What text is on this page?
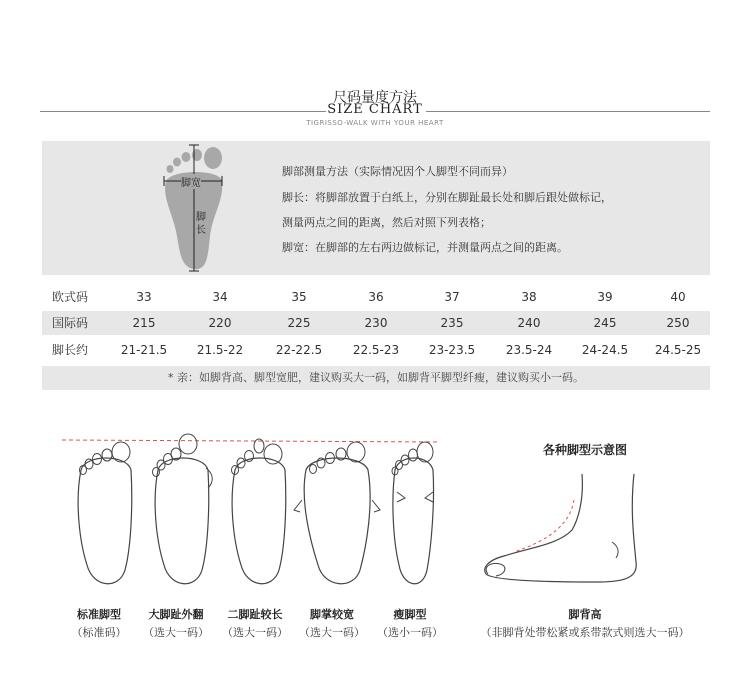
尺码量度方法
SIZE CHART
TIGRISSO-WALK WITH YOUR HEART
脚宽
脚
长
脚部测量方法（实际情况因个人脚型不同而异）
脚长：将脚部放置于白纸上，分别在脚趾最长处和脚后跟处做标记，
测量两点之间的距离，然后对照下列表格；
脚宽：在脚部的左右两边做标记，并测量两点之间的距离。
欧式码	33	34	35	36	37	38	39	40
国际码	215	220	225	230	235	240	245	250
脚长约	21-21.5	21.5-22	22-22.5	22.5-23	23-23.5	23.5-24	24-24.5	24.5-25
* 亲：如脚背高、脚型宽肥，建议购买大一码，如脚背平脚型纤瘦，建议购买小一码。
标准脚型
（标准码）
大脚趾外翻
（选大一码）
二脚趾较长
（选大一码）
脚掌较宽
（选大一码）
瘦脚型
（选小一码）
各种脚型示意图
脚背高
（非脚背处带松紧或系带款式则选大一码）
